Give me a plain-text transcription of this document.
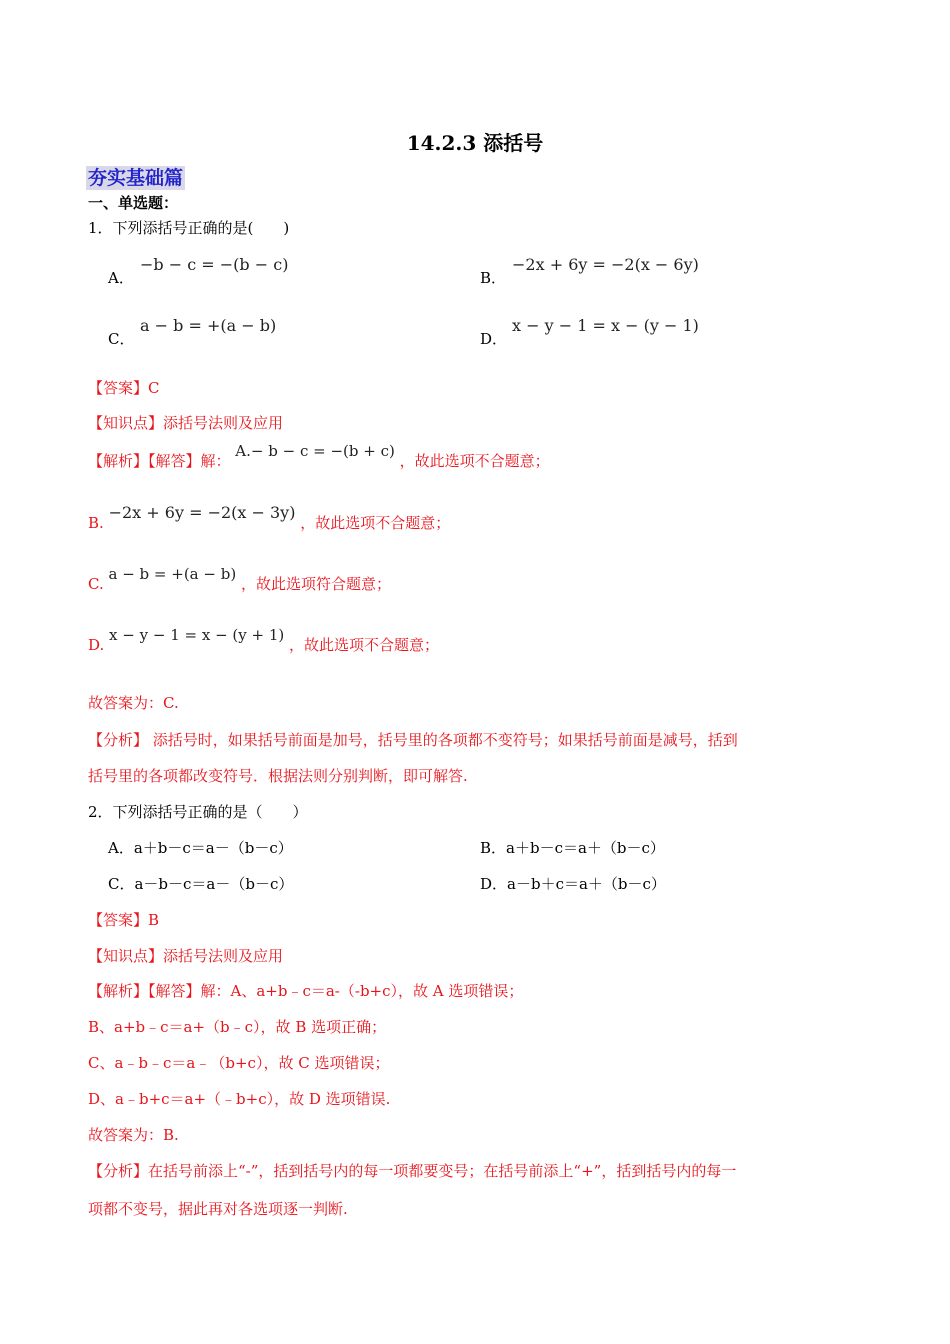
14.2.3 添括号
夯实基础篇
一、单选题：
1．下列添括号正确的是(　　)
A．
−b − c = −(b − c)
B．
−2x + 6y = −2(x − 6y)
C．
a − b = +(a − b)
D．
x − y − 1 = x − (y − 1)
【答案】C
【知识点】添括号法则及应用
【解析】【解答】解： A.− b − c = −(b + c) ，故此选项不合题意；
B. −2x + 6y = −2(x − 3y) ，故此选项不合题意；
C. a − b = +(a − b) ，故此选项符合题意；
D. x − y − 1 = x − (y + 1) ，故此选项不合题意；
故答案为：C.
【分析】 添括号时，如果括号前面是加号，括号里的各项都不变符号；如果括号前面是减号，括到
括号里的各项都改变符号．根据法则分别判断，即可解答.
2．下列添括号正确的是（　　）
A．a＋b－c＝a－（b－c）	B．a＋b－c＝a＋（b－c）
C．a－b－c＝a－（b－c）	D．a－b＋c＝a＋（b－c）
【答案】B
【知识点】添括号法则及应用
【解析】【解答】解：A、a+b﹣c＝a-（-b+c），故 A 选项错误；
B、a+b﹣c＝a+（b﹣c），故 B 选项正确；
C、a﹣b﹣c＝a﹣（b+c），故 C 选项错误；
D、a﹣b+c＝a+（﹣b+c），故 D 选项错误.
故答案为：B.
【分析】在括号前添上“-”，括到括号内的每一项都要变号；在括号前添上“+”，括到括号内的每一
项都不变号，据此再对各选项逐一判断.
